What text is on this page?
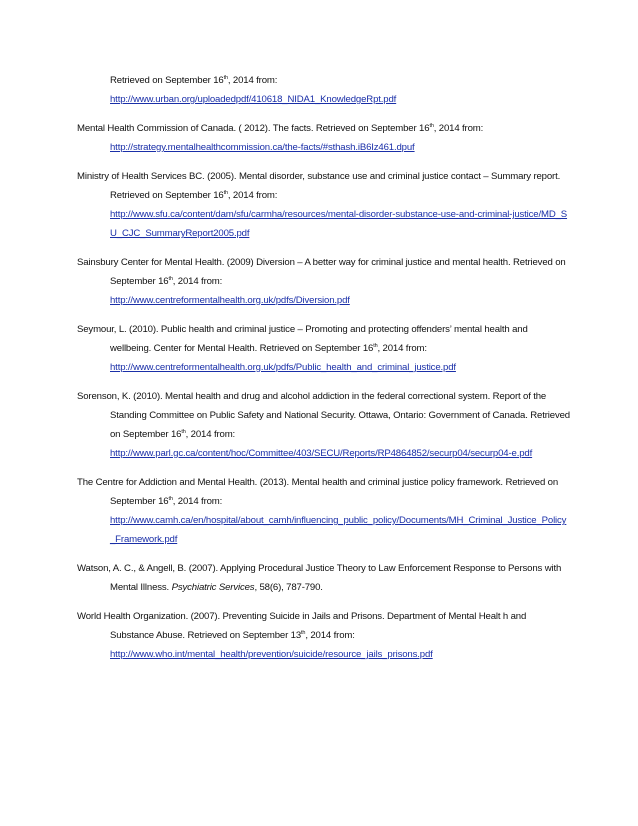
Retrieved on September 16th, 2014 from:
http://www.urban.org/uploadedpdf/410618_NIDA1_KnowledgeRpt.pdf

Mental Health Commission of Canada. ( 2012). The facts. Retrieved on September 16th, 2014 from:
http://strategy.mentalhealthcommission.ca/the-facts/#sthash.iB6Iz461.dpuf

Ministry of Health Services BC. (2005). Mental disorder, substance use and criminal justice contact – Summary report. Retrieved on September 16th, 2014 from:
http://www.sfu.ca/content/dam/sfu/carmha/resources/mental-disorder-substance-use-and-criminal-justice/MD_SU_CJC_SummaryReport2005.pdf

Sainsbury Center for Mental Health. (2009) Diversion – A better way for criminal justice and mental health. Retrieved on September 16th, 2014 from:
http://www.centreformentalhealth.org.uk/pdfs/Diversion.pdf

Seymour, L. (2010). Public health and criminal justice – Promoting and protecting offenders’ mental health and wellbeing. Center for Mental Health. Retrieved on September 16th, 2014 from:
http://www.centreformentalhealth.org.uk/pdfs/Public_health_and_criminal_justice.pdf

Sorenson, K. (2010). Mental health and drug and alcohol addiction in the federal correctional system. Report of the Standing Committee on Public Safety and National Security. Ottawa, Ontario: Government of Canada. Retrieved on September 16th, 2014 from:
http://www.parl.gc.ca/content/hoc/Committee/403/SECU/Reports/RP4864852/securp04/securp04-e.pdf

The Centre for Addiction and Mental Health. (2013). Mental health and criminal justice policy framework. Retrieved on September 16th, 2014 from:
http://www.camh.ca/en/hospital/about_camh/influencing_public_policy/Documents/MH_Criminal_Justice_Policy_Framework.pdf

Watson, A. C., & Angell, B. (2007). Applying Procedural Justice Theory to Law Enforcement Response to Persons with Mental Illness. Psychiatric Services, 58(6), 787-790.

World Health Organization. (2007). Preventing Suicide in Jails and Prisons. Department of Mental Healt h and Substance Abuse. Retrieved on September 13th, 2014 from:
http://www.who.int/mental_health/prevention/suicide/resource_jails_prisons.pdf
